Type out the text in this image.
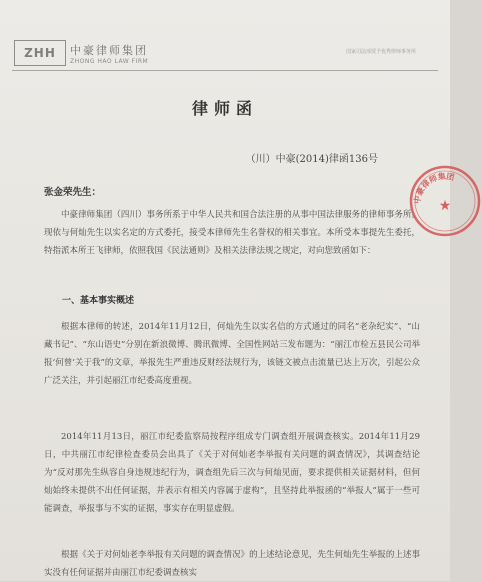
ZHH	中豪律师集团
ZHONG HAO LAW FIRM
国家司法部授予优秀律师事务所
律师函
（川）中豪(2014)律函136号
张金荣先生：

中豪律师集团（四川）事务所系于中华人民共和国合法注册的从事中国法律服务的律师事务所。现依与何灿先生以实名定的方式委托，接受本律师先生名誉权的相关事宜。本所受本事提先生委托，特指派本所王飞律师，依照我国《民法通则》及相关法律法规之规定，对向您致函如下：

一、基本事实概述

根据本律师的转述，2014年11月12日，何灿先生以实名信的方式通过的同名“老杂纪实”、“山藏书记”、“东山语史”分别在新浪微博、腾讯微博、全国性网站三发布题为：“丽江市检五县民公司举报‘何曾’关于我”的文章，举报先生严重违反财经法规行为，该链文被点击流量已达上万次，引起公众广泛关注，并引起丽江市纪委高度重视。

2014年11月13日，丽江市纪委监察局按程序组成专门调查组开展调查核实。2014年11月29日，中共丽江市纪律检查委员会出具了《关于对何灿老李举报有关问题的调查情况》，其调查结论为“反对那先生纵容自身违规违纪行为，调查组先后三次与何灿见面，要求提供相关证据材料，但何灿始终未提供不出任何证据，并表示有相关内容属于虚构”，且坚持此举报函的“举报人”属于一些可能调查，举报事与不实的证据，事实存在明显虚假。

根据《关于对何灿老李举报有关问题的调查情况》的上述结论意见，先生何灿先生举报的上述事实没有任何证据并由丽江市纪委调查核实

中豪律师集团
★
